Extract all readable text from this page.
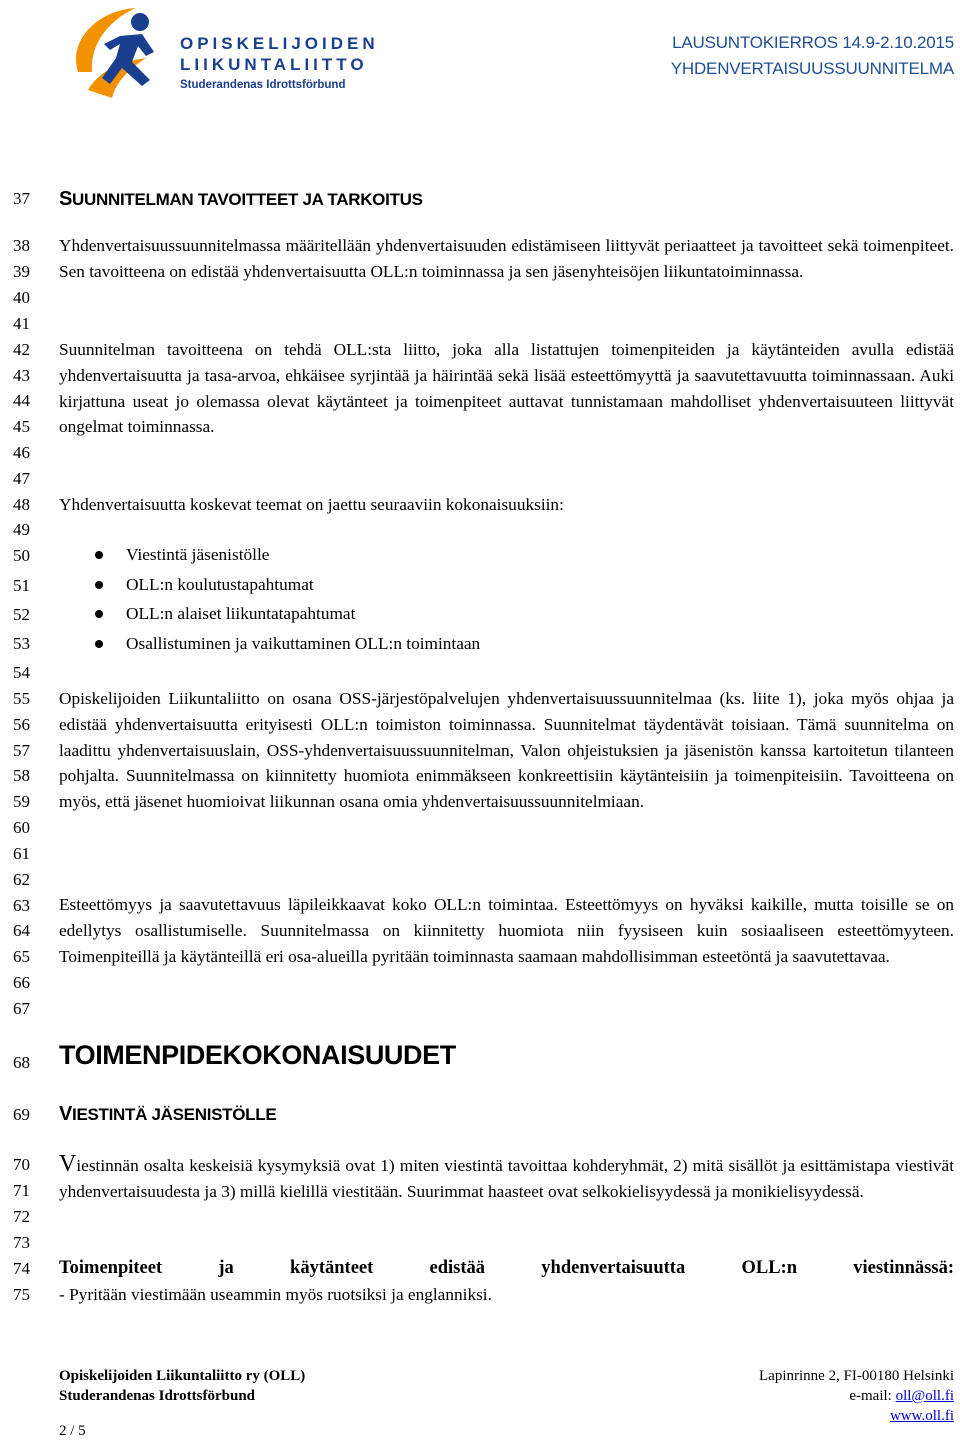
OPISKELIJOIDEN
LIIKUNTALIITTO
Studerandenas Idrottsförbund
LAUSUNTOKIERROS 14.9-2.10.2015
YHDENVERTAISUUSSUUNNITELMA
37
38
39
40
41
42
43
44
45
46
47
48
49
50
51
52
53
54
55
56
57
58
59
60
61
62
63
64
65
66
67
68
69
70
71
72
73
74
75
SUUNNITELMAN TAVOITTEET JA TARKOITUS

Yhdenvertaisuussuunnitelmassa määritellään yhdenvertaisuuden edistämiseen liittyvät periaatteet ja tavoitteet sekä toimenpiteet. Sen tavoitteena on edistää yhdenvertaisuutta OLL:n toiminnassa ja sen jäsenyhteisöjen liikuntatoiminnassa.

Suunnitelman tavoitteena on tehdä OLL:sta liitto, joka alla listattujen toimenpiteiden ja käytänteiden avulla edistää yhdenvertaisuutta ja tasa-arvoa, ehkäisee syrjintää ja häirintää sekä lisää esteettömyyttä ja saavutettavuutta toiminnassaan. Auki kirjattuna useat jo olemassa olevat käytänteet ja toimenpiteet auttavat tunnistamaan mahdolliset yhdenvertaisuuteen liittyvät ongelmat toiminnassa.

Yhdenvertaisuutta koskevat teemat on jaettu seuraaviin kokonaisuuksiin:

Viestintä jäsenistölle
OLL:n koulutustapahtumat
OLL:n alaiset liikuntatapahtumat
Osallistuminen ja vaikuttaminen OLL:n toimintaan

Opiskelijoiden Liikuntaliitto on osana OSS-järjestöpalvelujen yhdenvertaisuussuunnitelmaa (ks. liite 1), joka myös ohjaa ja edistää yhdenvertaisuutta erityisesti OLL:n toimiston toiminnassa. Suunnitelmat täydentävät toisiaan. Tämä suunnitelma on laadittu yhdenvertaisuuslain, OSS-yhdenvertaisuussuunnitelman, Valon ohjeistuksien ja jäsenistön kanssa kartoitetun tilanteen pohjalta. Suunnitelmassa on kiinnitetty huomiota enimmäkseen konkreettisiin käytänteisiin ja toimenpiteisiin. Tavoitteena on myös, että jäsenet huomioivat liikunnan osana omia yhdenvertaisuussuunnitelmiaan.

Esteettömyys ja saavutettavuus läpileikkaavat koko OLL:n toimintaa. Esteettömyys on hyväksi kaikille, mutta toisille se on edellytys osallistumiselle. Suunnitelmassa on kiinnitetty huomiota niin fyysiseen kuin sosiaaliseen esteettömyyteen. Toimenpiteillä ja käytänteillä eri osa-alueilla pyritään toiminnasta saamaan mahdollisimman esteetöntä ja saavutettavaa.

TOIMENPIDEKOKONAISUUDET
VIESTINTÄ JÄSENISTÖLLE

Viestinnän osalta keskeisiä kysymyksiä ovat 1) miten viestintä tavoittaa kohderyhmät, 2) mitä sisällöt ja esittämistapa viestivät yhdenvertaisuudesta ja 3) millä kielillä viestitään. Suurimmat haasteet ovat selkokielisyydessä ja monikielisyydessä.

Toimenpiteet ja käytänteet edistää yhdenvertaisuutta OLL:n viestinnässä:

- Pyritään viestimään useammin myös ruotsiksi ja englanniksi.

Opiskelijoiden Liikuntaliitto ry (OLL)
Studerandenas Idrottsförbund
2 / 5
Lapinrinne 2, FI-00180 Helsinki
e-mail: oll@oll.fi
www.oll.fi
